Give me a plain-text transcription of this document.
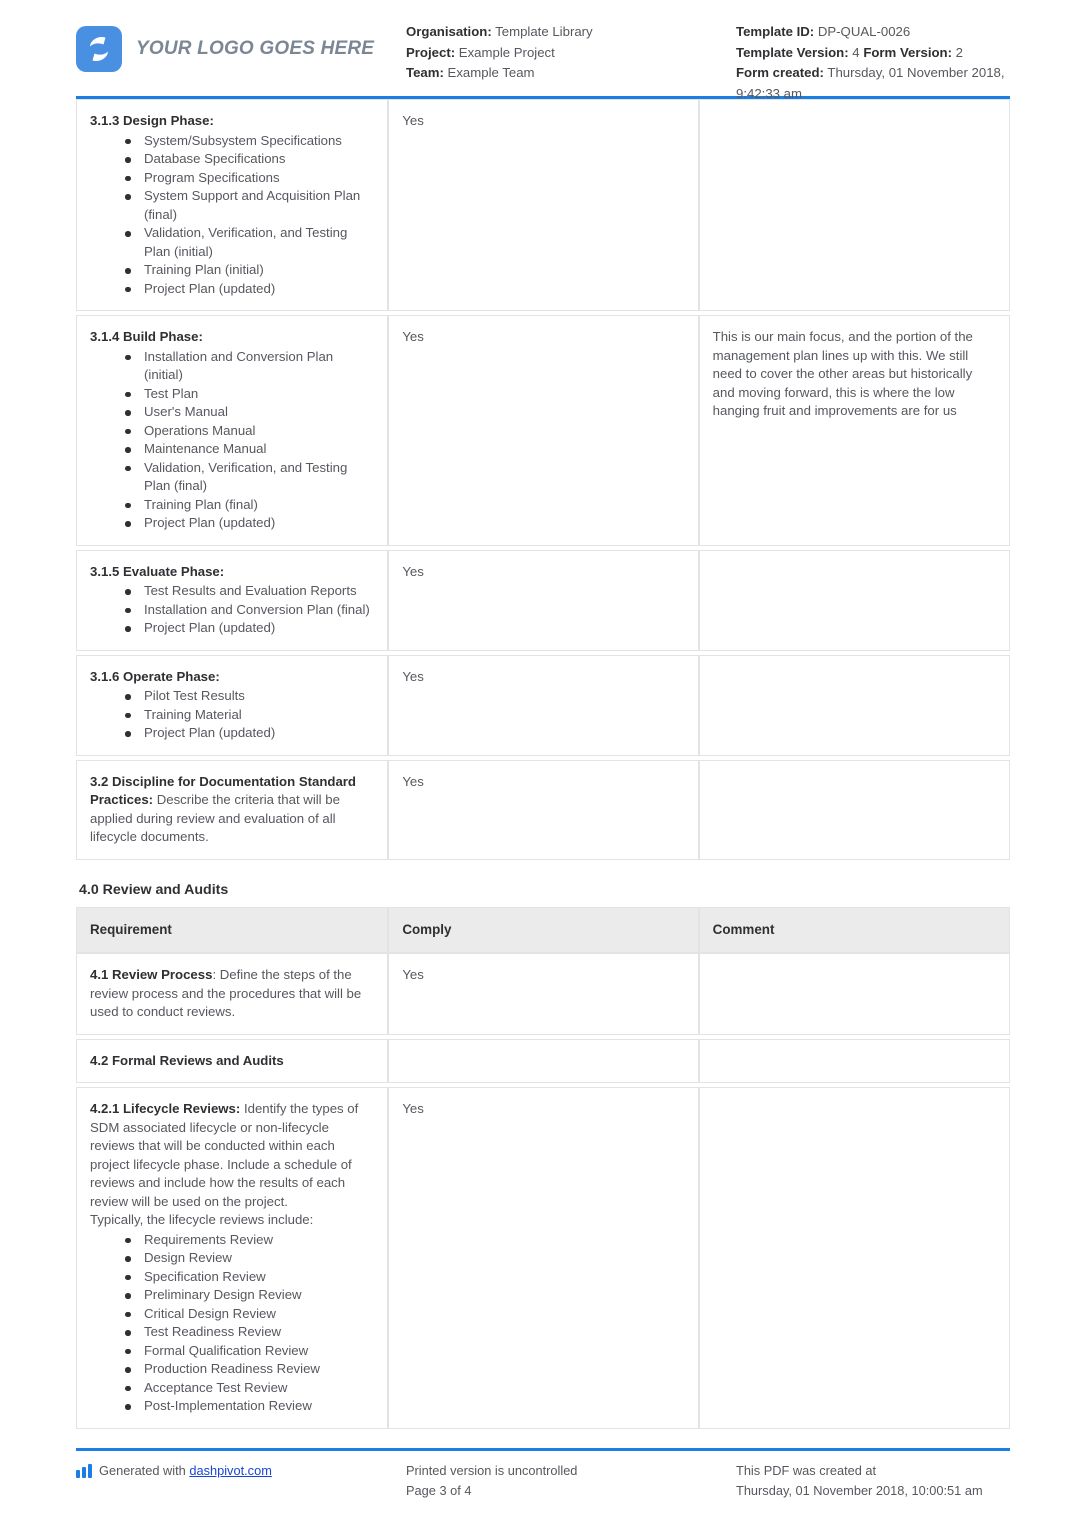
YOUR LOGO GOES HERE
Organisation: Template Library
Project: Example Project
Team: Example Team
Template ID: DP-QUAL-0026
Template Version: 4 Form Version: 2
Form created: Thursday, 01 November 2018, 9:42:33 am
3.1.3 Design Phase:
System/Subsystem Specifications
Database Specifications
Program Specifications
System Support and Acquisition Plan (final)
Validation, Verification, and Testing Plan (initial)
Training Plan (initial)
Project Plan (updated)
	Yes	

3.1.4 Build Phase:
Installation and Conversion Plan (initial)
Test Plan
User's Manual
Operations Manual
Maintenance Manual
Validation, Verification, and Testing Plan (final)
Training Plan (final)
Project Plan (updated)
	Yes	This is our main focus, and the portion of the management plan lines up with this. We still need to cover the other areas but historically and moving forward, this is where the low hanging fruit and improvements are for us

3.1.5 Evaluate Phase:
Test Results and Evaluation Reports
Installation and Conversion Plan (final)
Project Plan (updated)
	Yes	

3.1.6 Operate Phase:
Pilot Test Results
Training Material
Project Plan (updated)
	Yes	

3.2 Discipline for Documentation Standard Practices: Describe the criteria that will be applied during review and evaluation of all lifecycle documents.	Yes	
4.0 Review and Audits
Requirement	Comply	Comment
4.1 Review Process: Define the steps of the review process and the procedures that will be used to conduct reviews.	Yes	

4.2 Formal Reviews and Audits		

4.2.1 Lifecycle Reviews: Identify the types of SDM associated lifecycle or non-lifecycle reviews that will be conducted within each project lifecycle phase. Include a schedule of reviews and include how the results of each review will be used on the project.
Typically, the lifecycle reviews include:
Requirements Review
Design Review
Specification Review
Preliminary Design Review
Critical Design Review
Test Readiness Review
Formal Qualification Review
Production Readiness Review
Acceptance Test Review
Post-Implementation Review
	Yes	
Generated with dashpivot.com	Printed version is uncontrolled
Page 3 of 4
This PDF was created at
Thursday, 01 November 2018, 10:00:51 am
